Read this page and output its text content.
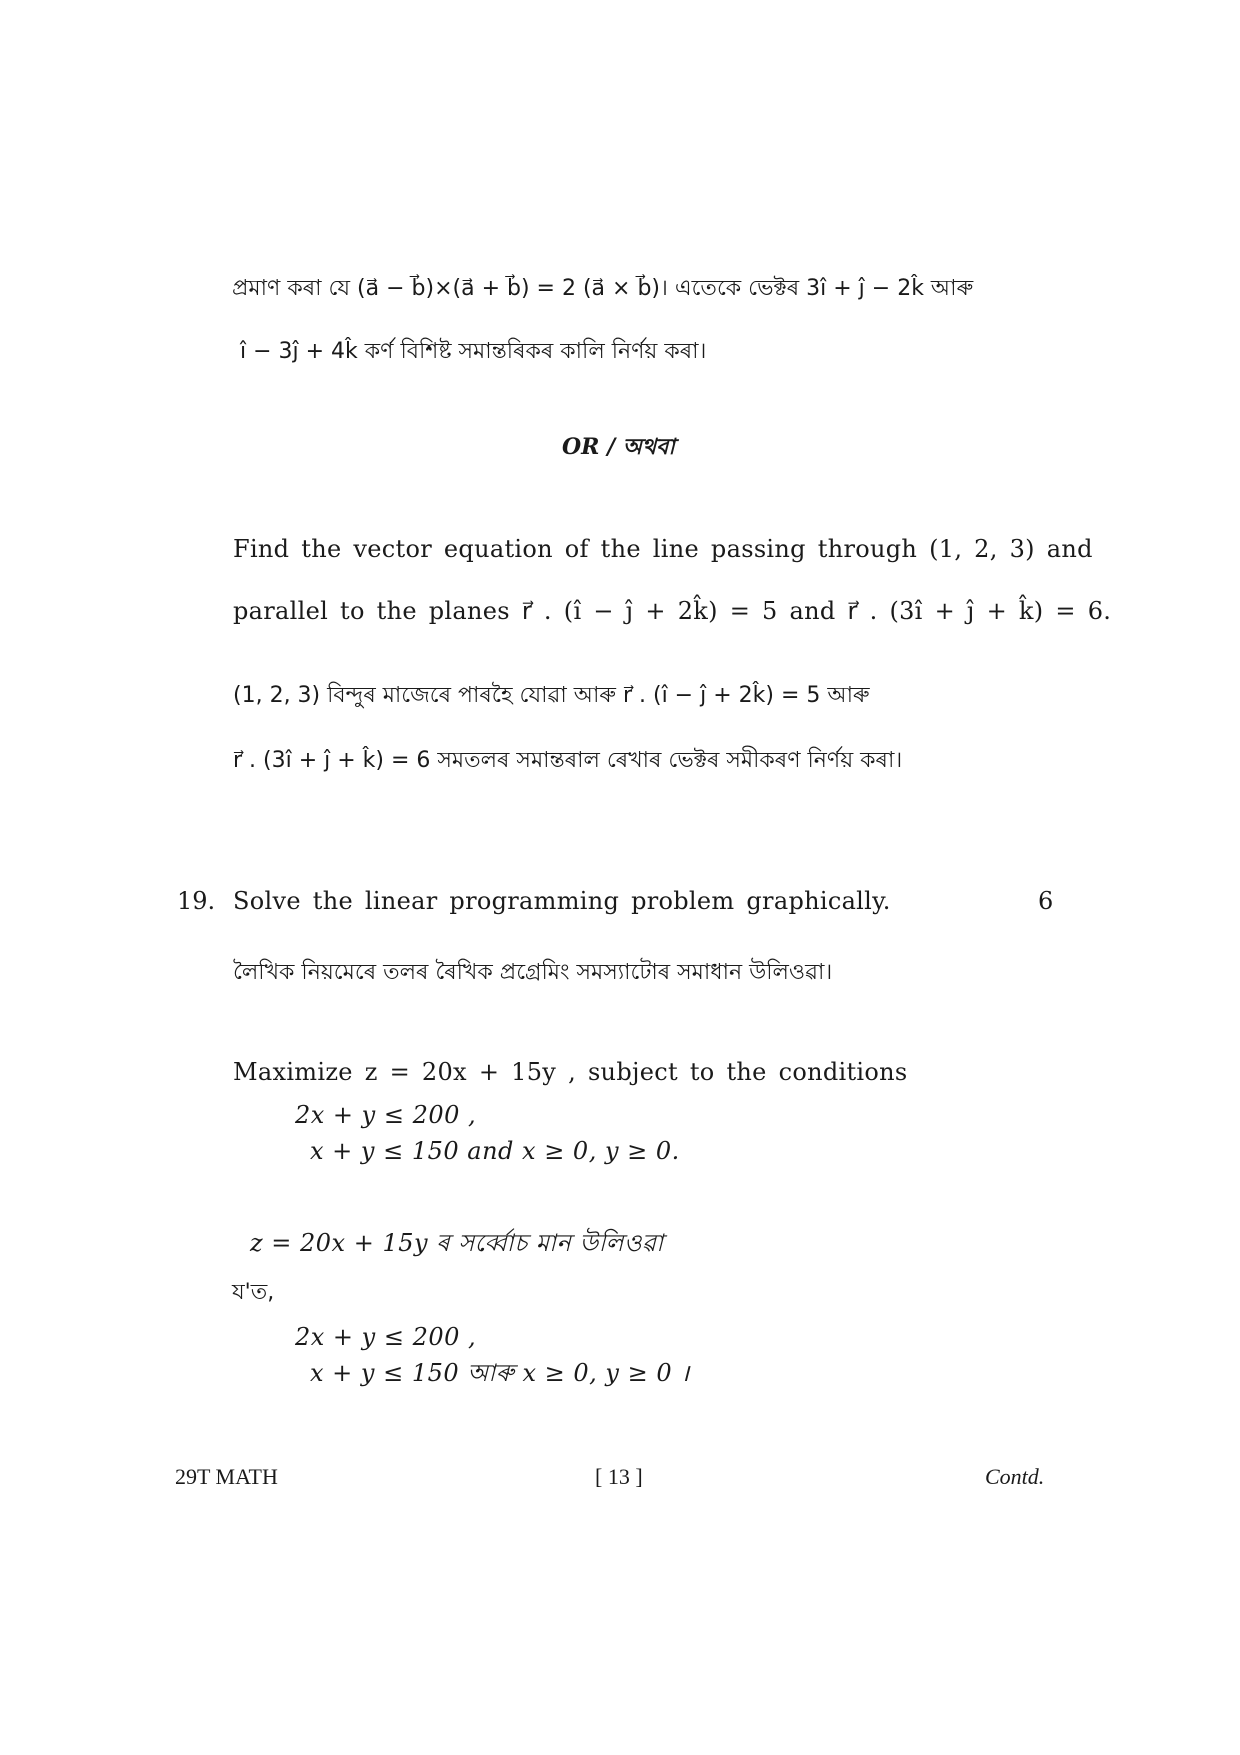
প্ৰমাণ কৰা যে (a⃗ − b⃗)×(a⃗ + b⃗) = 2 (a⃗ × b⃗)। এতেকে ভেক্টৰ 3î + ĵ − 2k̂ আৰু
î − 3ĵ + 4k̂ কৰ্ণ বিশিষ্ট সমান্তৰিকৰ কালি নিৰ্ণয় কৰা।
OR / অথবা
Find the vector equation of the line passing through (1, 2, 3) and
parallel to the planes r⃗ . (î − ĵ + 2k̂) = 5 and r⃗ . (3î + ĵ + k̂) = 6.
(1, 2, 3) বিন্দুৰ মাজেৰে পাৰহৈ যোৱা আৰু r⃗ . (î − ĵ + 2k̂) = 5 আৰু
r⃗ . (3î + ĵ + k̂) = 6 সমতলৰ সমান্তৰাল ৰেখাৰ ভেক্টৰ সমীকৰণ নিৰ্ণয় কৰা।
19. Solve the linear programming problem graphically.	6
লৈখিক নিয়মেৰে তলৰ ৰৈখিক প্ৰগ্ৰেমিং সমস্যাটোৰ সমাধান উলিওৱা।
Maximize z = 20x + 15y , subject to the conditions
2x + y ≤ 200 ,
x + y ≤ 150 and x ≥ 0, y ≥ 0.
z = 20x + 15y ৰ সৰ্ব্বোচ মান উলিওৱা
য'ত,
2x + y ≤ 200 ,
x + y ≤ 150 আৰু x ≥ 0, y ≥ 0 ।
29T MATH	[ 13 ]	Contd.
